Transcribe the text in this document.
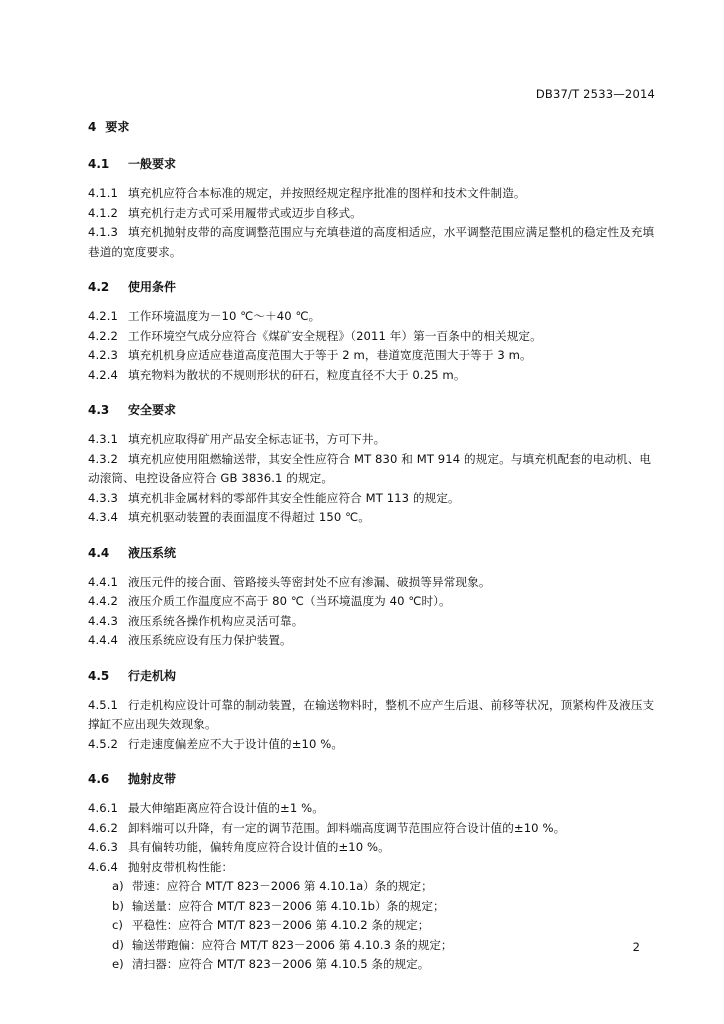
DB37/T 2533—2014
4 要求
4.1 一般要求
4.1.1 填充机应符合本标准的规定，并按照经规定程序批准的图样和技术文件制造。
4.1.2 填充机行走方式可采用履带式或迈步自移式。
4.1.3 填充机抛射皮带的高度调整范围应与充填巷道的高度相适应，水平调整范围应满足整机的稳定性及充填巷道的宽度要求。
4.2 使用条件
4.2.1 工作环境温度为－10 ℃～＋40 ℃。
4.2.2 工作环境空气成分应符合《煤矿安全规程》（2011 年）第一百条中的相关规定。
4.2.3 填充机机身应适应巷道高度范围大于等于 2 m，巷道宽度范围大于等于 3 m。
4.2.4 填充物料为散状的不规则形状的矸石，粒度直径不大于 0.25 m。
4.3 安全要求
4.3.1 填充机应取得矿用产品安全标志证书，方可下井。
4.3.2 填充机应使用阻燃输送带，其安全性应符合 MT 830 和 MT 914 的规定。与填充机配套的电动机、电动滚筒、电控设备应符合 GB 3836.1 的规定。
4.3.3 填充机非金属材料的零部件其安全性能应符合 MT 113 的规定。
4.3.4 填充机驱动装置的表面温度不得超过 150 ℃。
4.4 液压系统
4.4.1 液压元件的接合面、管路接头等密封处不应有渗漏、破损等异常现象。
4.4.2 液压介质工作温度应不高于 80 ℃（当环境温度为 40 ℃时）。
4.4.3 液压系统各操作机构应灵活可靠。
4.4.4 液压系统应设有压力保护装置。
4.5 行走机构
4.5.1 行走机构应设计可靠的制动装置，在输送物料时，整机不应产生后退、前移等状况，顶紧构件及液压支撑缸不应出现失效现象。
4.5.2 行走速度偏差应不大于设计值的±10 %。
4.6 抛射皮带
4.6.1 最大伸缩距离应符合设计值的±1 %。
4.6.2 卸料端可以升降，有一定的调节范围。卸料端高度调节范围应符合设计值的±10 %。
4.6.3 具有偏转功能，偏转角度应符合设计值的±10 %。
4.6.4 抛射皮带机构性能：
a) 带速：应符合 MT/T 823－2006 第 4.10.1a）条的规定；
b) 输送量：应符合 MT/T 823－2006 第 4.10.1b）条的规定；
c) 平稳性：应符合 MT/T 823－2006 第 4.10.2 条的规定；
d) 输送带跑偏：应符合 MT/T 823－2006 第 4.10.3 条的规定；
e) 清扫器：应符合 MT/T 823－2006 第 4.10.5 条的规定。
2
